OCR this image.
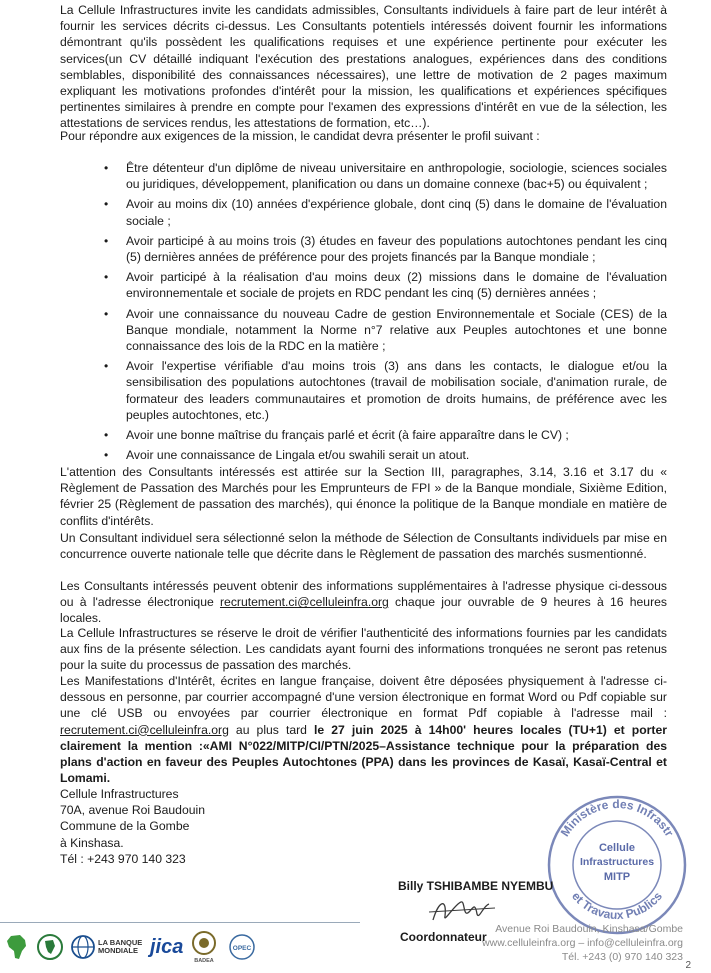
La Cellule Infrastructures invite les candidats admissibles, Consultants individuels à faire part de leur intérêt à fournir les services décrits ci-dessus. Les Consultants potentiels intéressés doivent fournir les informations démontrant qu'ils possèdent les qualifications requises et une expérience pertinente pour exécuter les services(un CV détaillé indiquant l'exécution des prestations analogues, expériences dans des conditions semblables, disponibilité des connaissances nécessaires), une lettre de motivation de 2 pages maximum expliquant les motivations profondes d'intérêt pour la mission, les qualifications et expériences spécifiques pertinentes similaires à prendre en compte pour l'examen des expressions d'intérêt en vue de la sélection, les attestations de services rendus, les attestations de formation, etc…).

Pour répondre aux exigences de la mission, le candidat devra présenter le profil suivant :

• Être détenteur d'un diplôme de niveau universitaire en anthropologie, sociologie, sciences sociales ou juridiques, développement, planification ou dans un domaine connexe (bac+5) ou équivalent ;
• Avoir au moins dix (10) années d'expérience globale, dont cinq (5) dans le domaine de l'évaluation sociale ;
• Avoir participé à au moins trois (3) études en faveur des populations autochtones pendant les cinq (5) dernières années de préférence pour des projets financés par la Banque mondiale ;
• Avoir participé à la réalisation d'au moins deux (2) missions dans le domaine de l'évaluation environnementale et sociale de projets en RDC pendant les cinq (5) dernières années ;
• Avoir une connaissance du nouveau Cadre de gestion Environnementale et Sociale (CES) de la Banque mondiale, notamment la Norme n°7 relative aux Peuples autochtones et une bonne connaissance des lois de la RDC en la matière ;
• Avoir l'expertise vérifiable d'au moins trois (3) ans dans les contacts, le dialogue et/ou la sensibilisation des populations autochtones (travail de mobilisation sociale, d'animation rurale, de formateur des leaders communautaires et promotion de droits humains, de préférence avec les peuples autochtones, etc.)
• Avoir une bonne maîtrise du français parlé et écrit (à faire apparaître dans le CV) ;
• Avoir une connaissance de Lingala et/ou swahili serait un atout.

L'attention des Consultants intéressés est attirée sur la Section III, paragraphes, 3.14, 3.16 et 3.17 du « Règlement de Passation des Marchés pour les Emprunteurs de FPI » de la Banque mondiale, Sixième Edition, février 25 (Règlement de passation des marchés), qui énonce la politique de la Banque mondiale en matière de conflits d'intérêts.

Un Consultant individuel sera sélectionné selon la méthode de Sélection de Consultants individuels par mise en concurrence ouverte nationale telle que décrite dans le Règlement de passation des marchés susmentionné.

Les Consultants intéressés peuvent obtenir des informations supplémentaires à l'adresse physique ci-dessous ou à l'adresse électronique recrutement.ci@celluleinfra.org chaque jour ouvrable de 9 heures à 16 heures locales.

La Cellule Infrastructures se réserve le droit de vérifier l'authenticité des informations fournies par les candidats aux fins de la présente sélection. Les candidats ayant fourni des informations tronquées ne seront pas retenus pour la suite du processus de passation des marchés.

Les Manifestations d'Intérêt, écrites en langue française, doivent être déposées physiquement à l'adresse ci-dessous en personne, par courrier accompagné d'une version électronique en format Word ou Pdf copiable sur une clé USB ou envoyées par courrier électronique en format Pdf copiable à l'adresse mail : recrutement.ci@celluleinfra.org au plus tard le 27 juin 2025 à 14h00' heures locales (TU+1) et porter clairement la mention :«AMI N°022/MITP/CI/PTN/2025–Assistance technique pour la préparation des plans d'action en faveur des Peuples Autochtones (PPA) dans les provinces de Kasaï, Kasaï-Central et Lomami.

Cellule Infrastructures
70A, avenue Roi Baudouin
Commune de la Gombe
à Kinshasa.
Tél : +243 970 140 323
Ministère des Infrastr
et Travaux Publics
Cellule
Infrastructures
MITP
Billy TSHIBAMBE NYEMBU
Coordonnateur
LA BANQUE MONDIALE jica
BADEA
OPEC
Avenue Roi Baudouin, Kinshasa/Gombe
www.celluleinfra.org – info@celluleinfra.org
Tél. +243 (0) 970 140 323
2
